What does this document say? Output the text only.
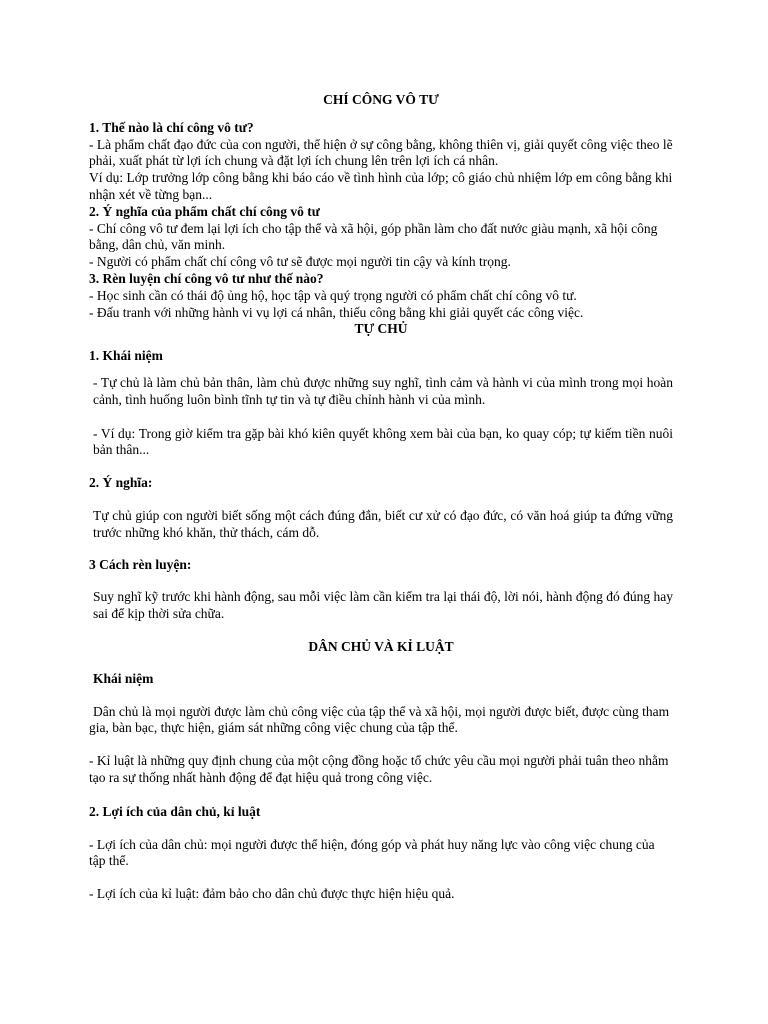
CHÍ CÔNG VÔ TƯ

1. Thế nào là chí công vô tư?

- Là phẩm chất đạo đức của con người, thể hiện ở sự công bằng, không thiên vị, giải quyết công việc theo lẽ phải, xuất phát từ lợi ích chung và đặt lợi ích chung lên trên lợi ích cá nhân.

Ví dụ: Lớp trưởng lớp công bằng khi báo cáo về tình hình của lớp; cô giáo chủ nhiệm lớp em công bằng khi nhận xét về từng bạn...

2. Ý nghĩa của phẩm chất chí công vô tư

- Chí công vô tư đem lại lợi ích cho tập thể và xã hội, góp phần làm cho đất nước giàu mạnh, xã hội công bằng, dân chủ, văn minh.

- Người có phẩm chất chí công vô tư sẽ được mọi người tin cậy và kính trọng.

3. Rèn luyện chí công vô tư như thế nào?

- Học sinh cần có thái độ ủng hộ, học tập và quý trọng người có phẩm chất chí công vô tư.

- Đấu tranh với những hành vi vụ lợi cá nhân, thiếu công bằng khi giải quyết các công việc.

TỰ CHỦ

1. Khái niệm

- Tự chủ là làm chủ bản thân, làm chủ được những suy nghĩ, tình cảm và hành vi của mình trong mọi hoàn cảnh, tình huống luôn bình tĩnh tự tin và tự điều chỉnh hành vi của mình.

- Ví dụ: Trong giờ kiểm tra gặp bài khó kiên quyết không xem bài của bạn, ko quay cóp; tự kiếm tiền nuôi bản thân...

2. Ý nghĩa:

Tự chủ giúp con người biết sống một cách đúng đắn, biết cư xử có đạo đức, có văn hoá giúp ta đứng vững trước những khó khăn, thử thách, cám dỗ.

3 Cách rèn luyện:

Suy nghĩ kỹ trước khi hành động, sau mỗi việc làm cần kiểm tra lại thái độ, lời nói, hành động đó đúng hay sai để kịp thời sửa chữa.

DÂN CHỦ VÀ KỈ LUẬT

Khái niệm

Dân chủ là mọi người được làm chủ công việc của tập thể và xã hội, mọi người được biết, được cùng tham gia, bàn bạc, thực hiện, giám sát những công việc chung của tập thể.

- Kỉ luật là những quy định chung của một cộng đồng hoặc tổ chức yêu cầu mọi người phải tuân theo nhằm tạo ra sự thống nhất hành động để đạt hiệu quả trong công việc.

2. Lợi ích của dân chủ, kỉ luật

- Lợi ích của dân chủ: mọi người được thể hiện, đóng góp và phát huy năng lực vào công việc chung của tập thể.

- Lợi ích của kỉ luật: đảm bảo cho dân chủ được thực hiện hiệu quả.
